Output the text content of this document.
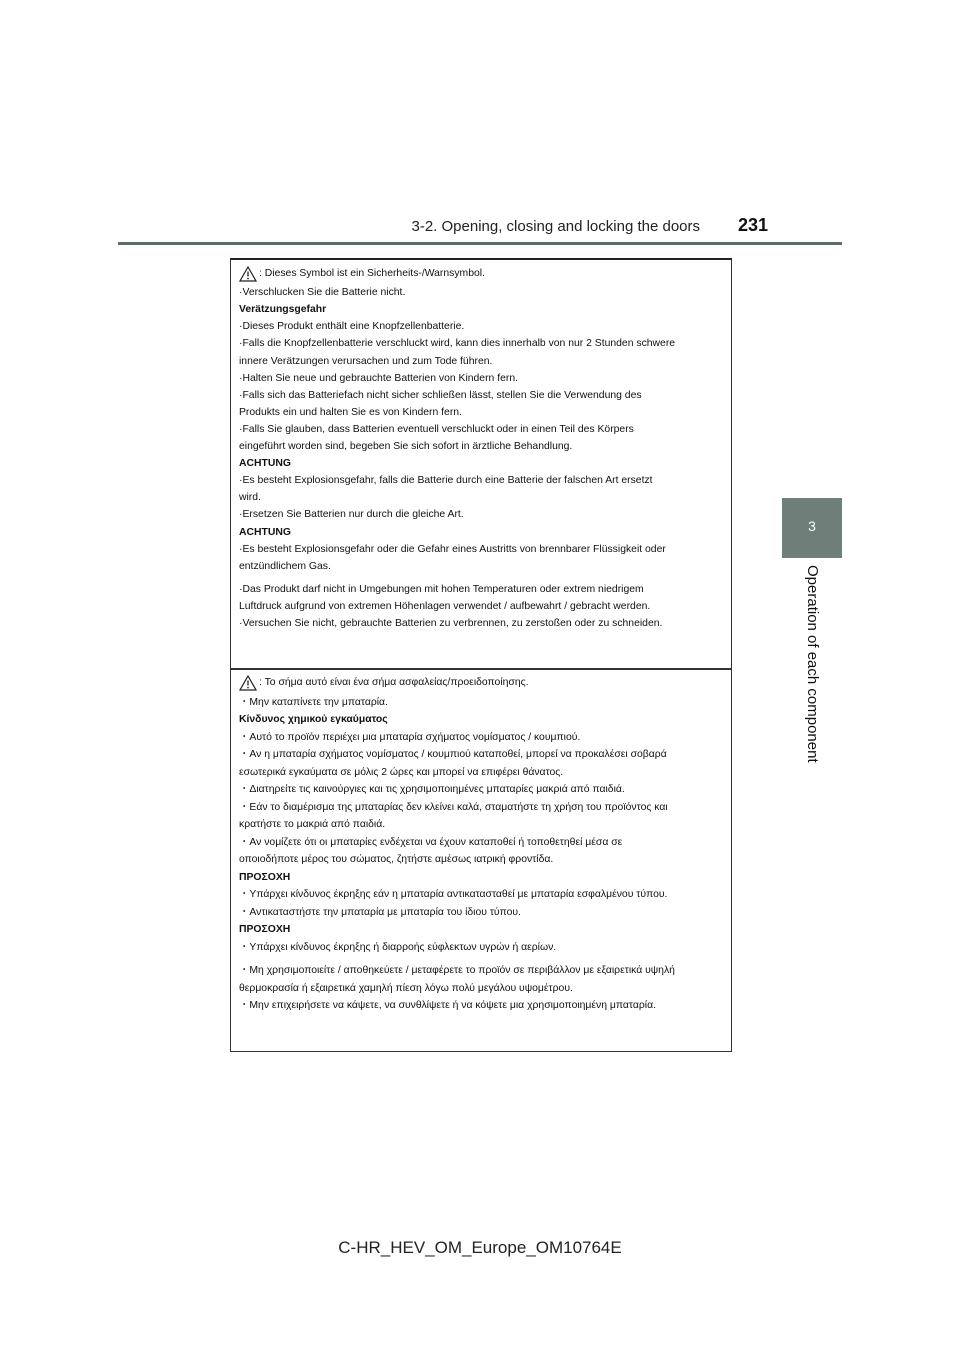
3-2. Opening, closing and locking the doors 231
3
Operation of each component
: Dieses Symbol ist ein Sicherheits-/Warnsymbol.
·Verschlucken Sie die Batterie nicht.
Verätzungsgefahr
·Dieses Produkt enthält eine Knopfzellenbatterie.
·Falls die Knopfzellenbatterie verschluckt wird, kann dies innerhalb von nur 2 Stunden schwere
innere Verätzungen verursachen und zum Tode führen.
·Halten Sie neue und gebrauchte Batterien von Kindern fern.
·Falls sich das Batteriefach nicht sicher schließen lässt, stellen Sie die Verwendung des
Produkts ein und halten Sie es von Kindern fern.
·Falls Sie glauben, dass Batterien eventuell verschluckt oder in einen Teil des Körpers
eingeführt worden sind, begeben Sie sich sofort in ärztliche Behandlung.
ACHTUNG
·Es besteht Explosionsgefahr, falls die Batterie durch eine Batterie der falschen Art ersetzt
wird.
·Ersetzen Sie Batterien nur durch die gleiche Art.
ACHTUNG
·Es besteht Explosionsgefahr oder die Gefahr eines Austritts von brennbarer Flüssigkeit oder
entzündlichem Gas.
·Das Produkt darf nicht in Umgebungen mit hohen Temperaturen oder extrem niedrigem
Luftdruck aufgrund von extremen Höhenlagen verwendet / aufbewahrt / gebracht werden.
·Versuchen Sie nicht, gebrauchte Batterien zu verbrennen, zu zerstoßen oder zu schneiden.
: Το σήμα αυτό είναι ένα σήμα ασφαλείας/προειδοποίησης.
・Μην καταπίνετε την μπαταρία.
Κίνδυνος χημικού εγκαύματος
・Αυτό το προϊόν περιέχει μια μπαταρία σχήματος νομίσματος / κουμπιού.
・Αν η μπαταρία σχήματος νομίσματος / κουμπιού καταποθεί, μπορεί να προκαλέσει σοβαρά
εσωτερικά εγκαύματα σε μόλις 2 ώρες και μπορεί να επιφέρει θάνατος.
・Διατηρείτε τις καινούργιες και τις χρησιμοποιημένες μπαταρίες μακριά από παιδιά.
・Εάν το διαμέρισμα της μπαταρίας δεν κλείνει καλά, σταματήστε τη χρήση του προϊόντος και
κρατήστε το μακριά από παιδιά.
・Αν νομίζετε ότι οι μπαταρίες ενδέχεται να έχουν καταποθεί ή τοποθετηθεί μέσα σε
οποιοδήποτε μέρος του σώματος, ζητήστε αμέσως ιατρική φροντίδα.
ΠΡΟΣΟΧΗ
・Υπάρχει κίνδυνος έκρηξης εάν η μπαταρία αντικατασταθεί με μπαταρία εσφαλμένου τύπου.
・Αντικαταστήστε την μπαταρία με μπαταρία του ίδιου τύπου.
ΠΡΟΣΟΧΗ
・Υπάρχει κίνδυνος έκρηξης ή διαρροής εύφλεκτων υγρών ή αερίων.
・Μη χρησιμοποιείτε / αποθηκεύετε / μεταφέρετε το προϊόν σε περιβάλλον με εξαιρετικά υψηλή
θερμοκρασία ή εξαιρετικά χαμηλή πίεση λόγω πολύ μεγάλου υψομέτρου.
・Μην επιχειρήσετε να κάψετε, να συνθλίψετε ή να κόψετε μια χρησιμοποιημένη μπαταρία.
C-HR_HEV_OM_Europe_OM10764E
